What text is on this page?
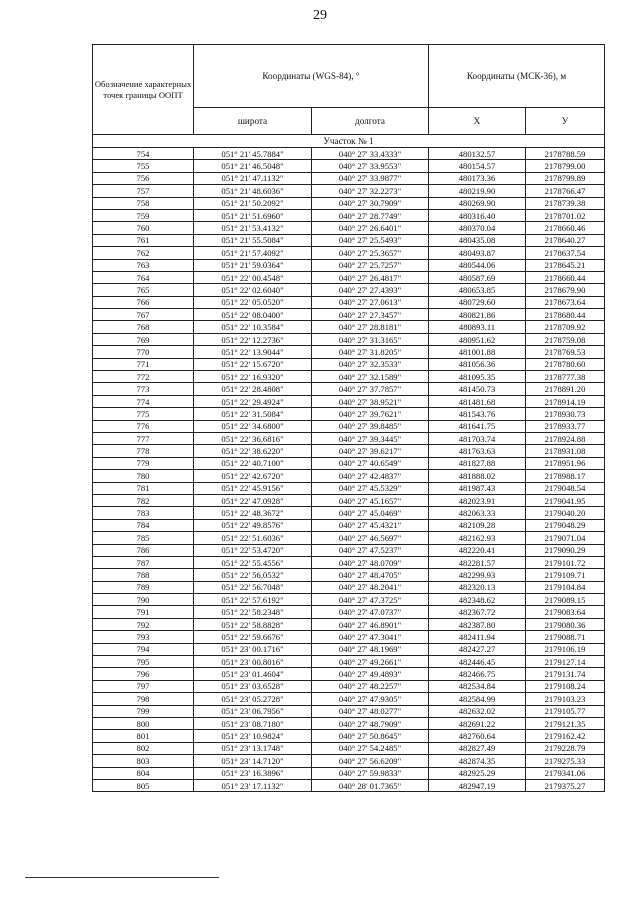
29
Обозначение характерных точек границы ООПТ	Координаты (WGS-84), °		Координаты (МСК-36), м	
	широта	долгота	X	У
Участок № 1				
754	051° 21' 45.7884"	040° 27' 33.4333"	480132.57	2178788.59
755	051° 21' 46.5048"	040° 27' 33.9553"	480154.57	2178799.00
756	051° 21' 47.1132"	040° 27' 33.9877"	480173.36	2178799.89
757	051° 21' 48.6036"	040° 27' 32.2273"	480219.90	2178766.47
758	051° 21' 50.2092"	040° 27' 30.7909"	480269.90	2178739.38
759	051° 21' 51.6960"	040° 27' 28.7749"	480316.40	2178701.02
760	051° 21' 53.4132"	040° 27' 26.6401"	480370.04	2178660.46
761	051° 21' 55.5084"	040° 27' 25.5493"	480435.08	2178640.27
762	051° 21' 57.4092"	040° 27' 25.3657"	480493.87	2178637.54
763	051° 21' 59.0364"	040° 27' 25.7257"	480544.06	2178645.21
764	051° 22' 00.4548"	040° 27' 26.4817"	480587.69	2178660.44
765	051° 22' 02.6040"	040° 27' 27.4393"	480653.85	2178679.90
766	051° 22' 05.0520"	040° 27' 27.0613"	480729.60	2178673.64
767	051° 22' 08.0400"	040° 27' 27.3457"	480821.86	2178680.44
768	051° 22' 10.3584"	040° 27' 28.8181"	480893.11	2178709.92
769	051° 22' 12.2736"	040° 27' 31.3165"	480951.62	2178759.08
770	051° 22' 13.9044"	040° 27' 31.8205"	481001.88	2178769.53
771	051° 22' 15.6720"	040° 27' 32.3533"	481056.36	2178780.60
772	051° 22' 16.9320"	040° 27' 32.1589"	481095.35	2178777.38
773	051° 22' 28.4808"	040° 27' 37.7857"	481450.73	2178891.20
774	051° 22' 29.4924"	040° 27' 38.9521"	481481.68	2178914.19
775	051° 22' 31.5084"	040° 27' 39.7621"	481543.76	2178930.73
776	051° 22' 34.6800"	040° 27' 39.8485"	481641.75	2178933.77
777	051° 22' 36.6816"	040° 27' 39.3445"	481703.74	2178924.88
778	051° 22' 38.6220"	040° 27' 39.6217"	481763.63	2178931.08
779	051° 22' 40.7100"	040° 27' 40.6549"	481827.88	2178951.96
780	051° 22' 42.6720"	040° 27' 42.4837"	481888.02	2178988.17
781	051° 22' 45.9156"	040° 27' 45.5329"	481987.43	2179048.54
782	051° 22' 47.0928"	040° 27' 45.1657"	482023.91	2179041.95
783	051° 22' 48.3672"	040° 27' 45.0469"	482063.33	2179040.20
784	051° 22' 49.8576"	040° 27' 45.4321"	482109.28	2179048.29
785	051° 22' 51.6036"	040° 27' 46.5697"	482162.93	2179071.04
786	051° 22' 53.4720"	040° 27' 47.5237"	482220.41	2179090.29
787	051° 22' 55.4556"	040° 27' 48.0709"	482281.57	2179101.72
788	051° 22' 56.0532"	040° 27' 48.4705"	482299.93	2179109.71
789	051° 22' 56.7048"	040° 27' 48.2041"	482320.13	2179104.84
790	051° 22' 57.6192"	040° 27' 47.3725"	482348.62	2179089.15
791	051° 22' 58.2348"	040° 27' 47.0737"	482367.72	2179083.64
792	051° 22' 58.8828"	040° 27' 46.8901"	482387.80	2179080.36
793	051° 22' 59.6676"	040° 27' 47.3041"	482411.94	2179088.71
794	051° 23' 00.1716"	040° 27' 48.1969"	482427.27	2179106.19
795	051° 23' 00.8016"	040° 27' 49.2661"	482446.45	2179127.14
796	051° 23' 01.4604"	040° 27' 49.4893"	482466.75	2179131.74
797	051° 23' 03.6528"	040° 27' 48.2257"	482534.84	2179108.24
798	051° 23' 05.2728"	040° 27' 47.9305"	482584.99	2179103.23
799	051° 23' 06.7956"	040° 27' 48.0277"	482632.02	2179105.77
800	051° 23' 08.7180"	040° 27' 48.7909"	482691.22	2179121.35
801	051° 23' 10.9824"	040° 27' 50.8645"	482760.64	2179162.42
802	051° 23' 13.1748"	040° 27' 54.2485"	482827.49	2179228.79
803	051° 23' 14.7120"	040° 27' 56.6209"	482874.35	2179275.33
804	051° 23' 16.3896"	040° 27' 59.9833"	482925.29	2179341.06
805	051° 23' 17.1132"	040° 28' 01.7365"	482947.19	2179375.27
